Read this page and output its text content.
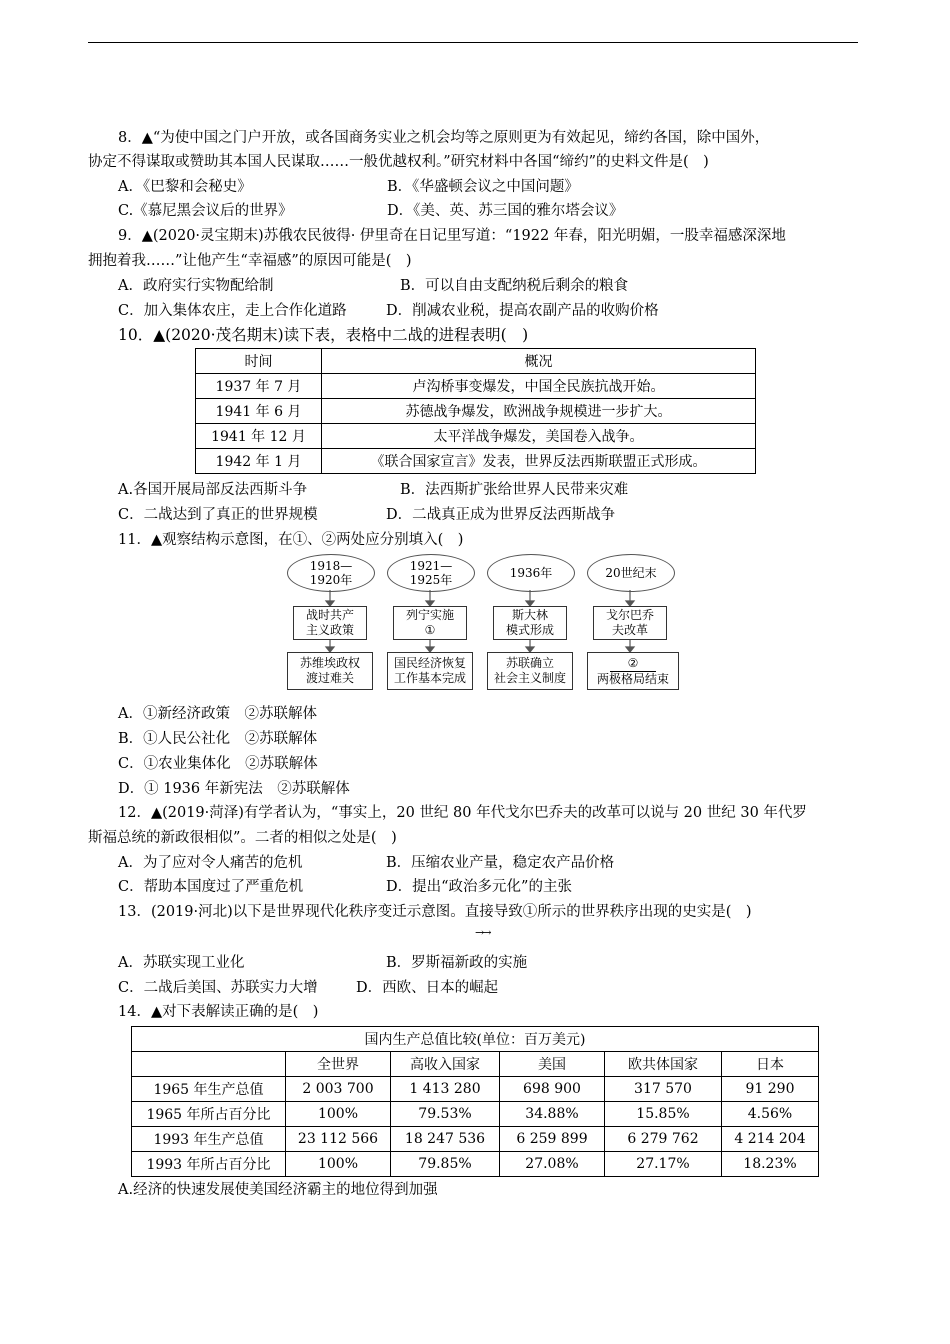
8．▲“为使中国之门户开放，或各国商务实业之机会均等之原则更为有效起见，缔约各国，除中国外，
协定不得谋取或赞助其本国人民谋取……一般优越权利。”研究材料中各国“缔约”的史料文件是(　)
A．《巴黎和会秘史》	B．《华盛顿会议之中国问题》
C.《慕尼黑会议后的世界》	D．《美、英、苏三国的雅尔塔会议》
9．▲(2020·灵宝期末)苏俄农民彼得· 伊里奇在日记里写道：“1922 年春，阳光明媚，一股幸福感深深地
拥抱着我……”让他产生“幸福感”的原因可能是(　)
A．政府实行实物配给制	B．可以自由支配纳税后剩余的粮食
C．加入集体农庄，走上合作化道路	D．削减农业税，提高农副产品的收购价格
10．▲(2020·茂名期末)读下表，表格中二战的进程表明(　)
时间	概况
1937 年 7 月	卢沟桥事变爆发，中国全民族抗战开始。
1941 年 6 月	苏德战争爆发，欧洲战争规模进一步扩大。
1941 年 12 月	太平洋战争爆发，美国卷入战争。
1942 年 1 月	《联合国家宣言》发表，世界反法西斯联盟正式形成。
A.各国开展局部反法西斯斗争	B．法西斯扩张给世界人民带来灾难
C．二战达到了真正的世界规模	D．二战真正成为世界反法西斯战争
11．▲观察结构示意图，在①、②两处应分别填入(　)
1918—
1920年
1921—
1925年	1936年	20世纪末
战时共产
主义政策
列宁实施
①
斯大林
模式形成
戈尔巴乔
夫改革
苏维埃政权
渡过难关
国民经济恢复
工作基本完成
苏联确立
社会主义制度
②
两极格局结束
A．①新经济政策　②苏联解体
B．①人民公社化　②苏联解体
C．①农业集体化　②苏联解体
D．① 1936 年新宪法　②苏联解体
12．▲(2019·菏泽)有学者认为，“事实上，20 世纪 80 年代戈尔巴乔夫的改革可以说与 20 世纪 30 年代罗
斯福总统的新政很相似”。二者的相似之处是(　)
A．为了应对令人痛苦的危机	B．压缩农业产量，稳定农产品价格
C．帮助本国度过了严重危机	D．提出“政治多元化”的主张
13．(2019·河北)以下是世界现代化秩序变迁示意图。直接导致①所示的世界秩序出现的史实是(　)
→→
A．苏联实现工业化	B．罗斯福新政的实施
C．二战后美国、苏联实力大增	D．西欧、日本的崛起
14．▲对下表解读正确的是(　)
国内生产总值比较(单位：百万美元)					
	全世界	高收入国家	美国	欧共体国家	日本
1965 年生产总值	2 003 700	1 413 280	698 900	317 570	91 290
1965 年所占百分比	100%	79.53%	34.88%	15.85%	4.56%
1993 年生产总值	23 112 566	18 247 536	6 259 899	6 279 762	4 214 204
1993 年所占百分比	100%	79.85%	27.08%	27.17%	18.23%
A.经济的快速发展使美国经济霸主的地位得到加强
